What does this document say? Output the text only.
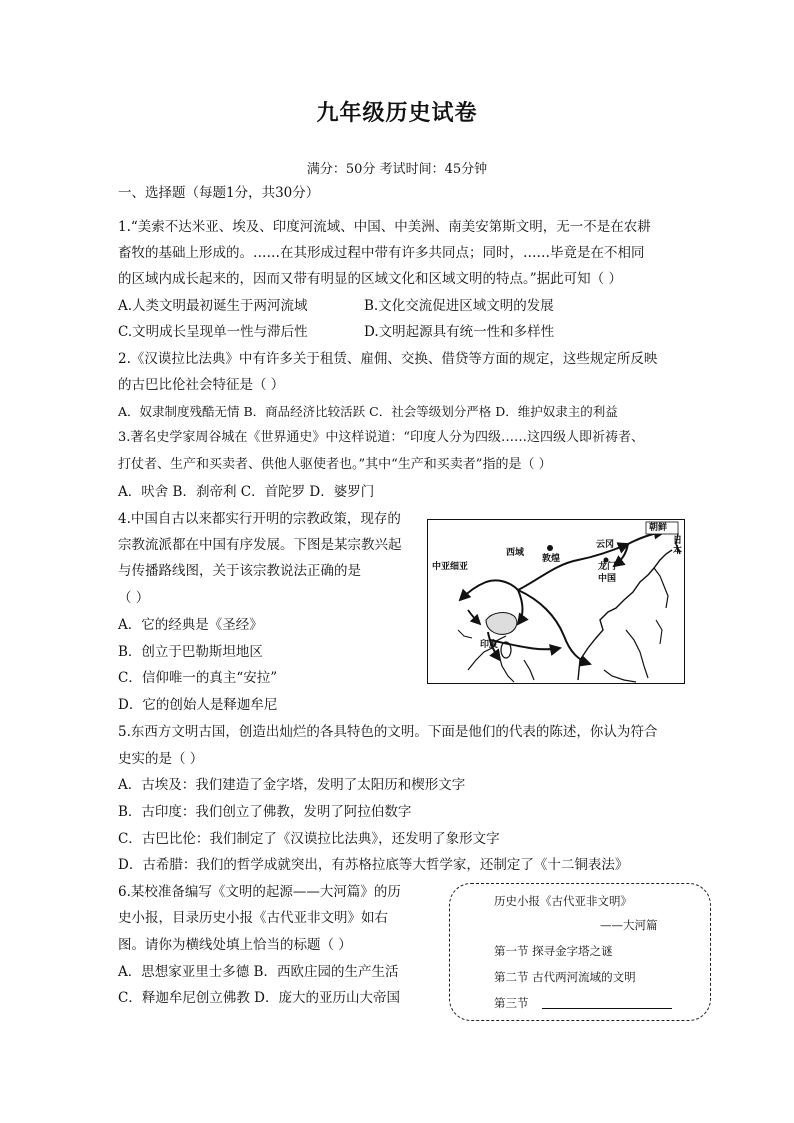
九年级历史试卷
满分：50分 考试时间：45分钟
一、选择题（每题1分，共30分）
1.“美索不达米亚、埃及、印度河流域、中国、中美洲、南美安第斯文明，无一不是在农耕
畜牧的基础上形成的。……在其形成过程中带有许多共同点；同时，……毕竟是在不相同
的区域内成长起来的，因而又带有明显的区域文化和区域文明的特点。”据此可知（ ）
A.人类文明最初诞生于两河流域	B.文化交流促进区域文明的发展
C.文明成长呈现单一性与滞后性	D.文明起源具有统一性和多样性
2.《汉谟拉比法典》中有许多关于租赁、雇佣、交换、借贷等方面的规定，这些规定所反映
的古巴比伦社会特征是（ ）
A．奴隶制度残酷无情 B．商品经济比较活跃 C．社会等级划分严格 D．维护奴隶主的利益
3.著名史学家周谷城在《世界通史》中这样说道：“印度人分为四级……这四级人即祈祷者、
打仗者、生产和买卖者、供他人驱使者也。”其中“生产和买卖者”指的是（ ）
A．吠舍 B．刹帝利 C．首陀罗 D．婆罗门
4.中国自古以来都实行开明的宗教政策，现存的
宗教流派都在中国有序发展。下图是某宗教兴起
与传播路线图，关于该宗教说法正确的是
（ ）
A．它的经典是《圣经》
B．创立于巴勒斯坦地区
C．信仰唯一的真主“安拉”
D．它的创始人是释迦牟尼
朝鲜
日本
云冈
西域
敦煌
中亚细亚	龙门
中国
印度
5.东西方文明古国，创造出灿烂的各具特色的文明。下面是他们的代表的陈述，你认为符合
史实的是（ ）
A．古埃及：我们建造了金字塔，发明了太阳历和楔形文字
B．古印度：我们创立了佛教，发明了阿拉伯数字
C．古巴比伦：我们制定了《汉谟拉比法典》，还发明了象形文字
D．古希腊：我们的哲学成就突出，有苏格拉底等大哲学家，还制定了《十二铜表法》
6.某校准备编写《文明的起源——大河篇》的历
史小报，目录历史小报《古代亚非文明》如右
图。请你为横线处填上恰当的标题（ ）
A．思想家亚里士多德 B．西欧庄园的生产生活
C．释迦牟尼创立佛教 D．庞大的亚历山大帝国
历史小报《古代亚非文明》
——大河篇
第一节 探寻金字塔之谜
第二节 古代两河流域的文明
第三节
